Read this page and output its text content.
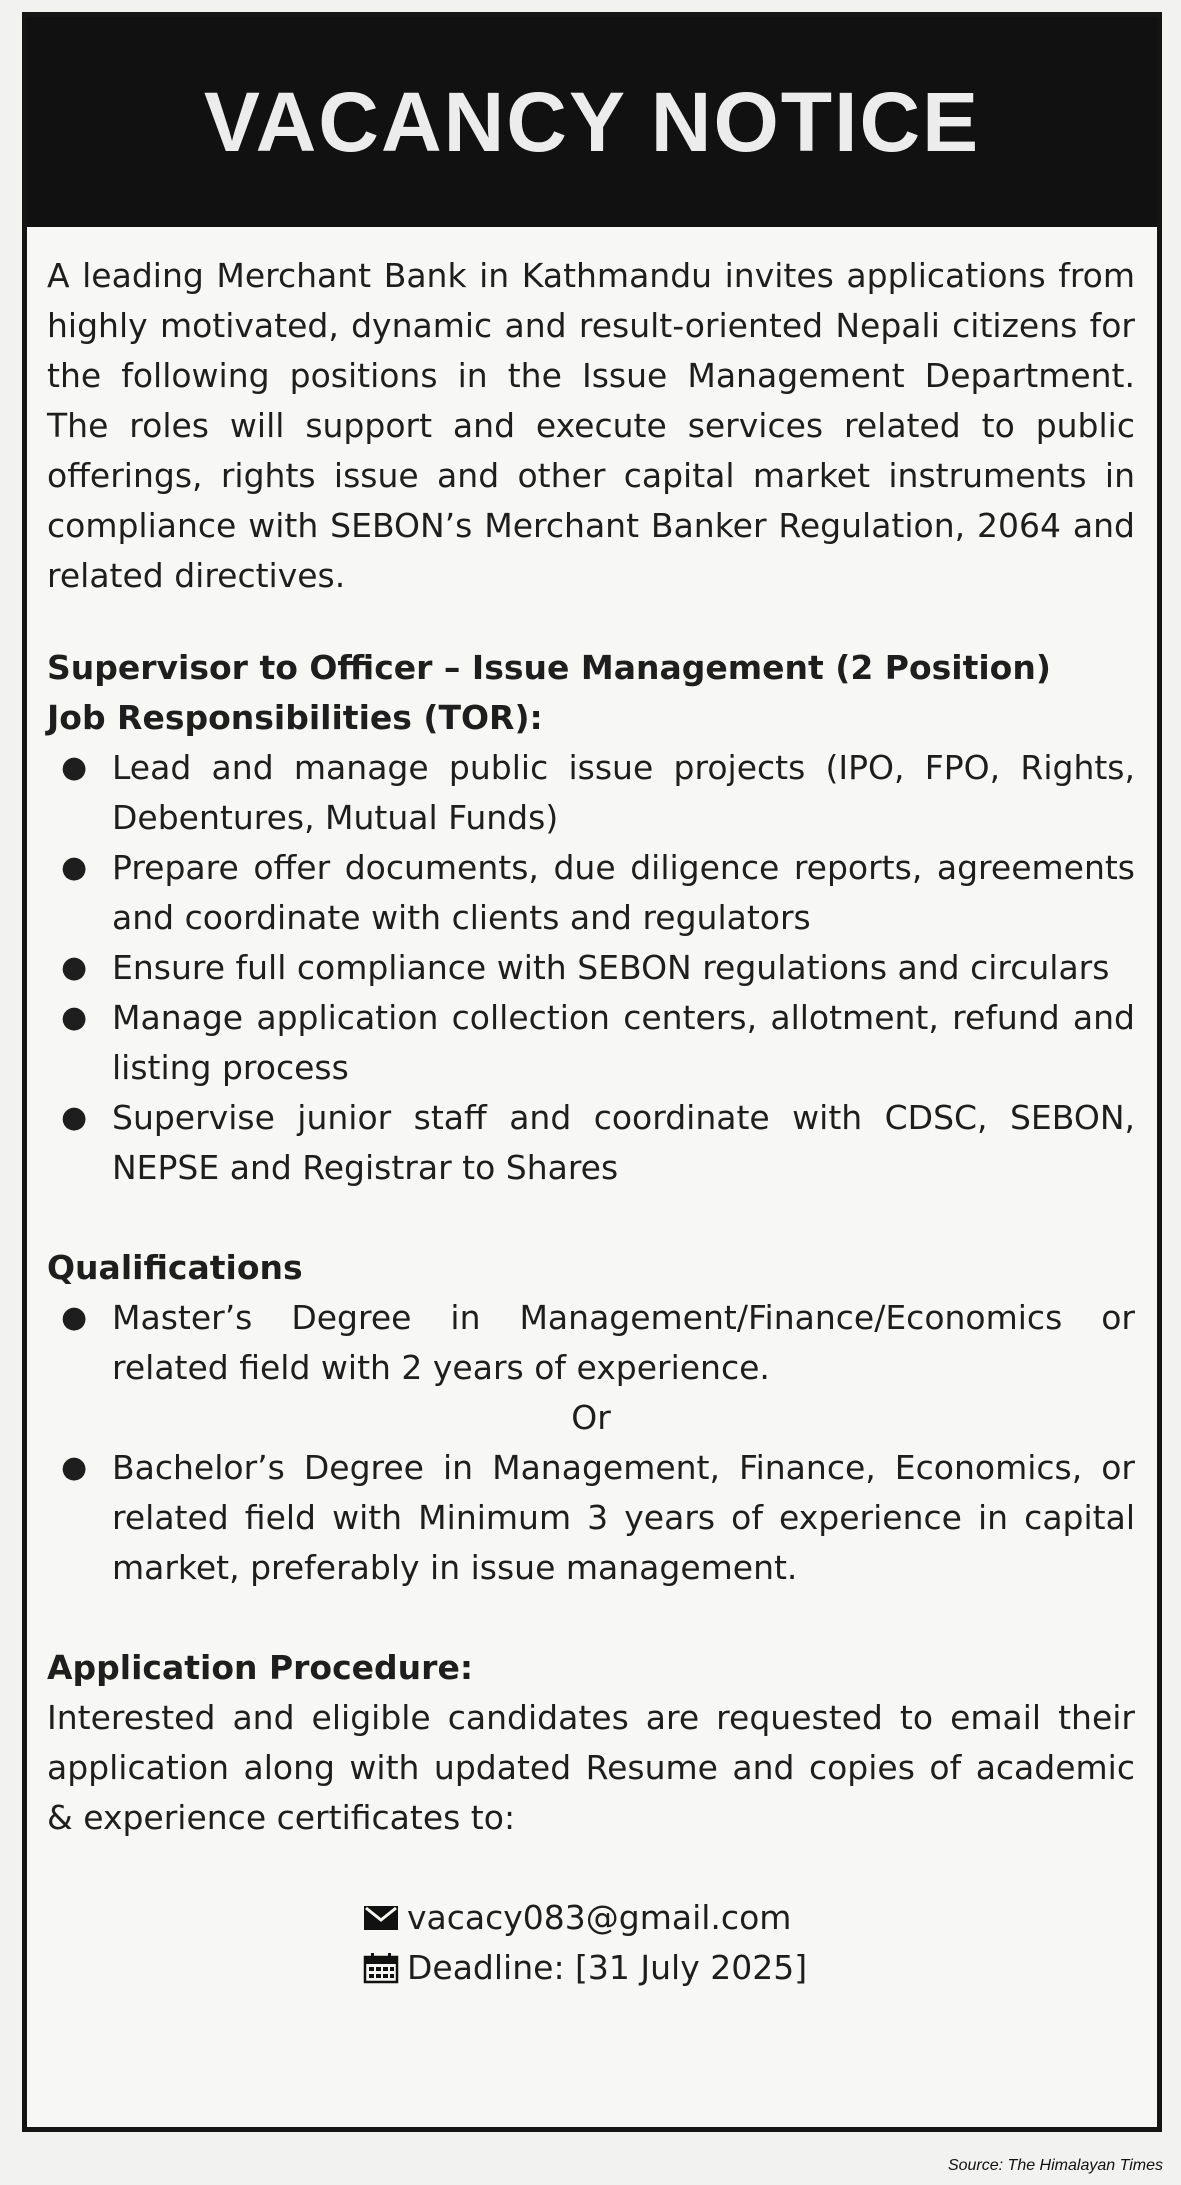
VACANCY NOTICE

A leading Merchant Bank in Kathmandu invites applications from highly motivated, dynamic and result-oriented Nepali citizens for the following positions in the Issue Management Department. The roles will support and execute services related to public offerings, rights issue and other capital market instruments in compliance with SEBON’s Merchant Banker Regulation, 2064 and related directives.

Supervisor to Officer – Issue Management (2 Position)

Job Responsibilities (TOR):

● Lead and manage public issue projects (IPO, FPO, Rights, Debentures, Mutual Funds)
● Prepare offer documents, due diligence reports, agreements and coordinate with clients and regulators
● Ensure full compliance with SEBON regulations and circulars
● Manage application collection centers, allotment, refund and listing process
● Supervise junior staff and coordinate with CDSC, SEBON, NEPSE and Registrar to Shares

Qualifications

● Master’s Degree in Management/Finance/Economics or related field with 2 years of experience.

Or

● Bachelor’s Degree in Management, Finance, Economics, or related field with Minimum 3 years of experience in capital market, preferably in issue management.

Application Procedure:

Interested and eligible candidates are requested to email their application along with updated Resume and copies of academic & experience certificates to:

vacacy083@gmail.com
Deadline: [31 July 2025]
Source: The Himalayan Times
